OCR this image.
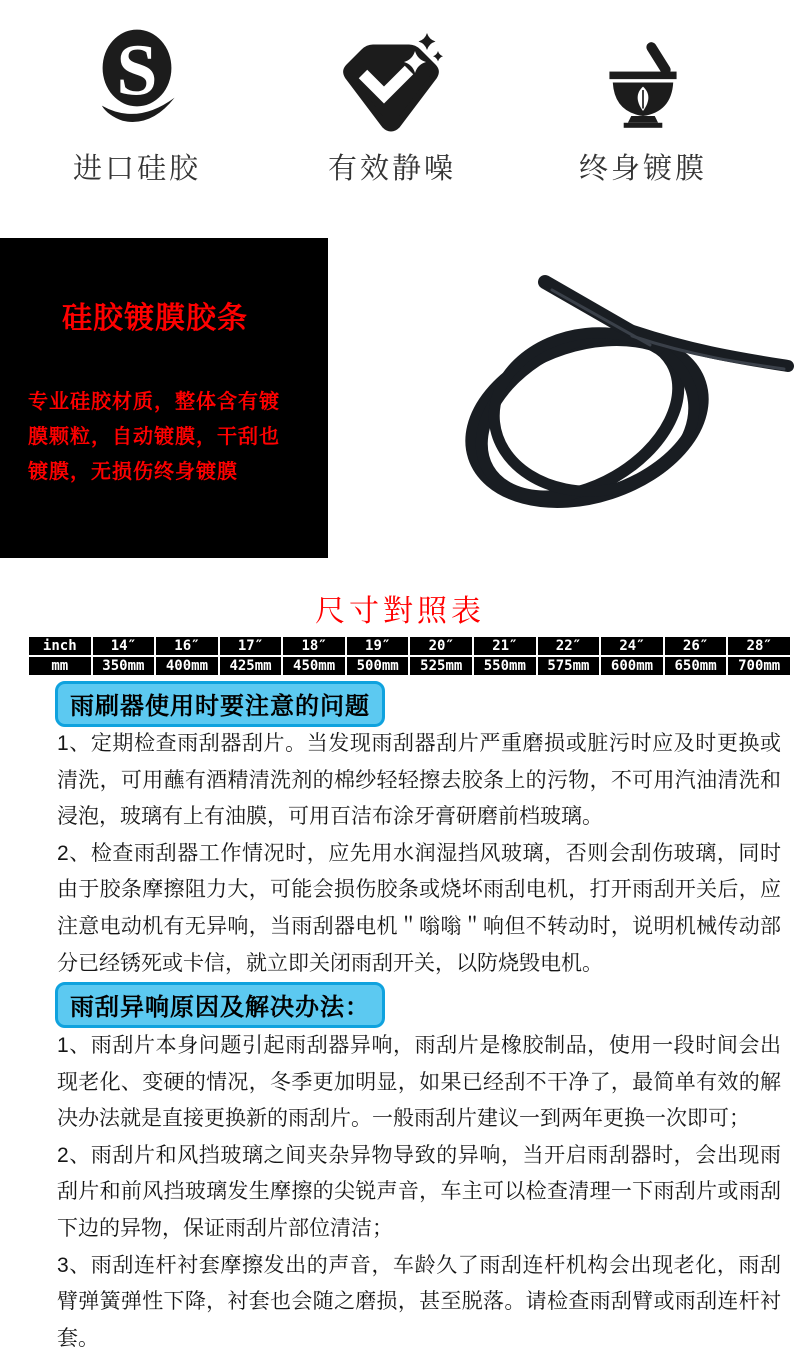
S
进口硅胶	有效静噪	终身镀膜
硅胶镀膜胶条
专业硅胶材质，整体含有镀膜颗粒，自动镀膜，干刮也镀膜，无损伤终身镀膜
尺寸對照表
inch	14″	16″	17″	18″	19″	20″	21″	22″	24″	26″	28″
mm	350mm	400mm	425mm	450mm	500mm	525mm	550mm	575mm	600mm	650mm	700mm
雨刷器使用时要注意的问题

1、定期检查雨刮器刮片。当发现雨刮器刮片严重磨损或脏污时应及时更换或清洗，可用蘸有酒精清洗剂的棉纱轻轻擦去胶条上的污物，不可用汽油清洗和浸泡，玻璃有上有油膜，可用百洁布涂牙膏研磨前档玻璃。

2、检查雨刮器工作情况时，应先用水润湿挡风玻璃，否则会刮伤玻璃，同时由于胶条摩擦阻力大，可能会损伤胶条或烧坏雨刮电机，打开雨刮开关后，应注意电动机有无异响，当雨刮器电机＂嗡嗡＂响但不转动时，说明机械传动部分已经锈死或卡信，就立即关闭雨刮开关，以防烧毁电机。

雨刮异响原因及解决办法：

1、雨刮片本身问题引起雨刮器异响，雨刮片是橡胶制品，使用一段时间会出现老化、变硬的情况，冬季更加明显，如果已经刮不干净了，最简单有效的解决办法就是直接更换新的雨刮片。一般雨刮片建议一到两年更换一次即可；

2、雨刮片和风挡玻璃之间夹杂异物导致的异响，当开启雨刮器时，会出现雨刮片和前风挡玻璃发生摩擦的尖锐声音，车主可以检查清理一下雨刮片或雨刮下边的异物，保证雨刮片部位清洁；

3、雨刮连杆衬套摩擦发出的声音，车龄久了雨刮连杆机构会出现老化，雨刮臂弹簧弹性下降，衬套也会随之磨损，甚至脱落。请检查雨刮臂或雨刮连杆衬套。
